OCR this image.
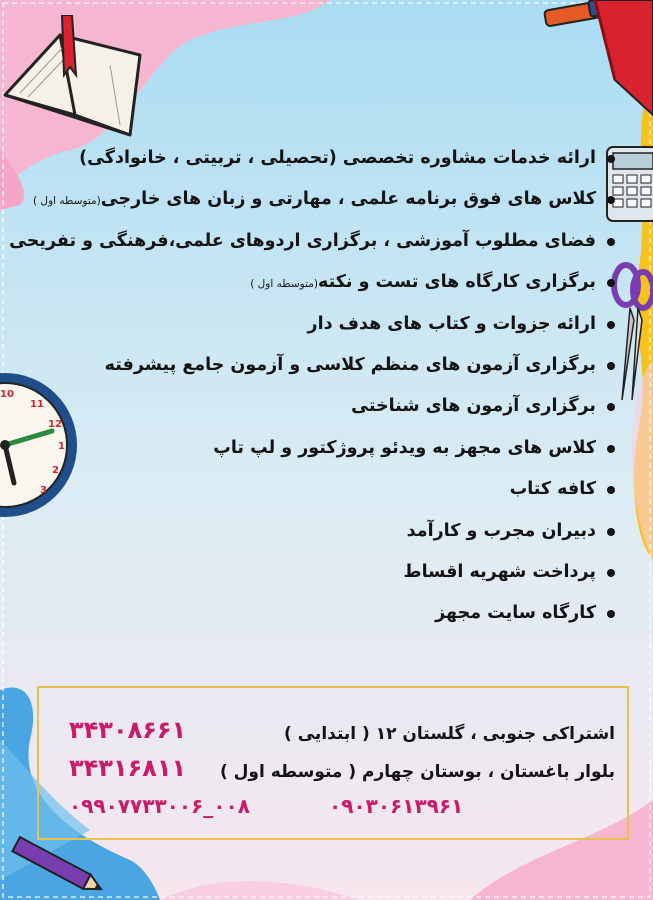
10
11
12
1
2
3
ارائه خدمات مشاوره تخصصی (تحصیلی ، تربیتی ، خانوادگی)
کلاس های فوق برنامه علمی ، مهارتی و زبان های خارجی(متوسطه اول )
فضای مطلوب آموزشی ، برگزاری اردوهای علمی،فرهنگی و تفریحی
برگزاری کارگاه های تست و نکته(متوسطه اول )
ارائه جزوات و کتاب های هدف دار
برگزاری آزمون های منظم کلاسی و آزمون جامع پیشرفته
برگزاری آزمون های شناختی
کلاس های مجهز به ویدئو پروژکتور و لپ تاپ
کافه کتاب
دبیران مجرب و کارآمد
پرداخت شهریه اقساط
کارگاه سایت مجهز
اشتراکی جنوبی ، گلستان ۱۲ ( ابتدایی )
بلوار باغستان ، بوستان چهارم ( متوسطه اول )
۳۴۳۰۸۶۶۱
۳۴۳۱۶۸۱۱
۰۹۰۳۰۶۱۳۹۶۱
۰۹۹۰۷۷۳۳۰۰۶_۰۰۸
